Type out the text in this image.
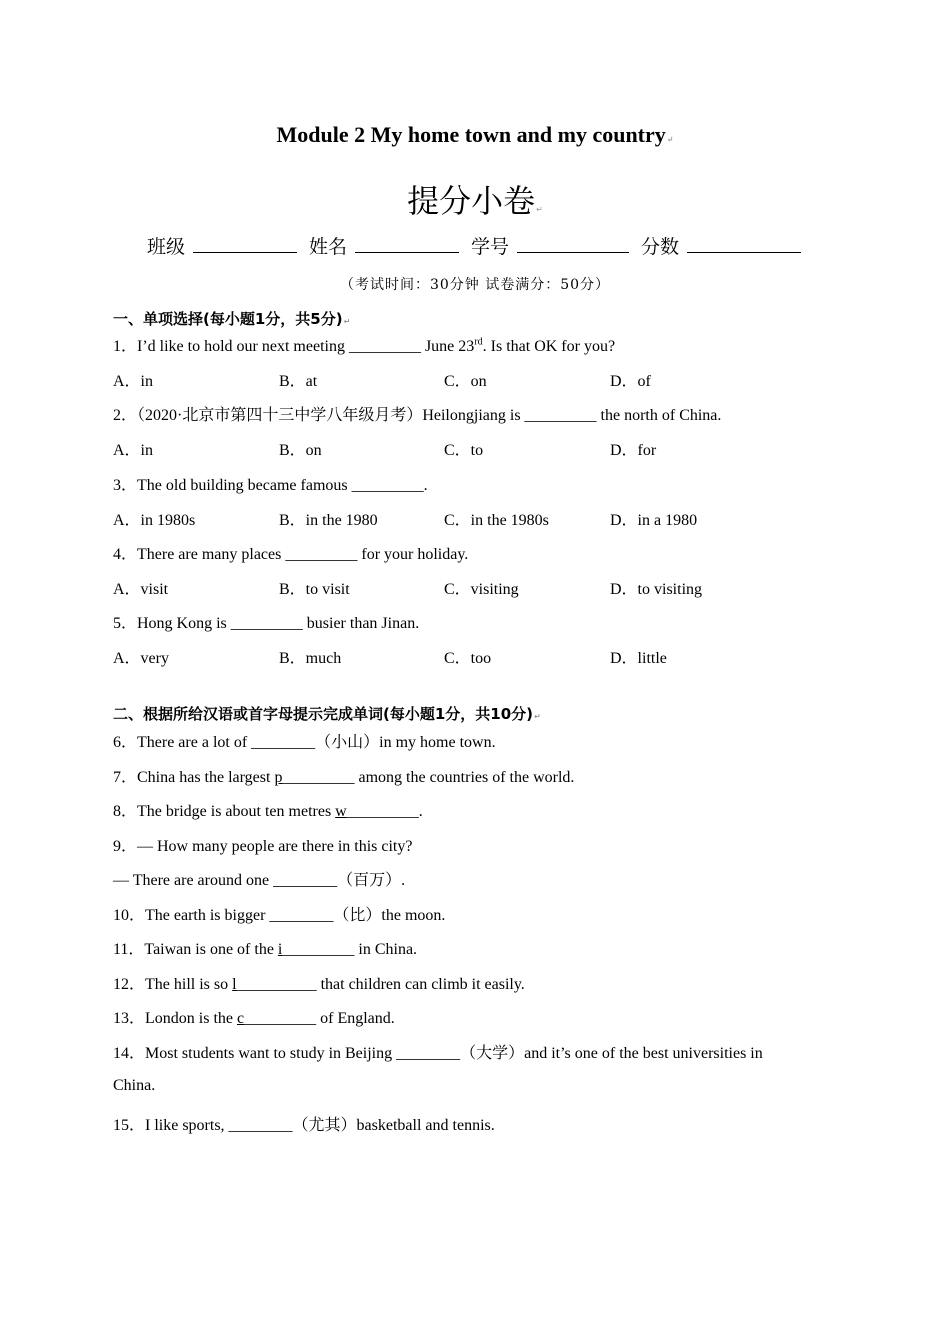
Module 2 My home town and my country↵
提分小卷↵
班级	姓名	学号	分数
（考试时间：30分钟 试卷满分：50分）
一、单项选择(每小题1分，共5分)↵
1．I’d like to hold our next meeting _________ June 23rd. Is that OK for you?
A．in	B．at	C．on	D．of
2．（2020·北京市第四十三中学八年级月考）Heilongjiang is _________ the north of China.
A．in	B．on	C．to	D．for
3．The old building became famous _________.
A．in 1980s	B．in the 1980	C．in the 1980s	D．in a 1980
4．There are many places _________ for your holiday.
A．visit	B．to visit	C．visiting	D．to visiting
5．Hong Kong is _________ busier than Jinan.
A．very	B．much	C．too	D．little
二、根据所给汉语或首字母提示完成单词(每小题1分，共10分)↵
6．There are a lot of ________（小山）in my home town.
7．China has the largest p_________ among the countries of the world.
8．The bridge is about ten metres w_________.
9．— How many people are there in this city?
— There are around one ________（百万）.
10．The earth is bigger ________（比）the moon.
11．Taiwan is one of the i_________ in China.
12．The hill is so l__________ that children can climb it easily.
13．London is the c_________ of England.
14．Most students want to study in Beijing ________（大学）and it’s one of the best universities in
China.
15．I like sports, ________（尤其）basketball and tennis.
